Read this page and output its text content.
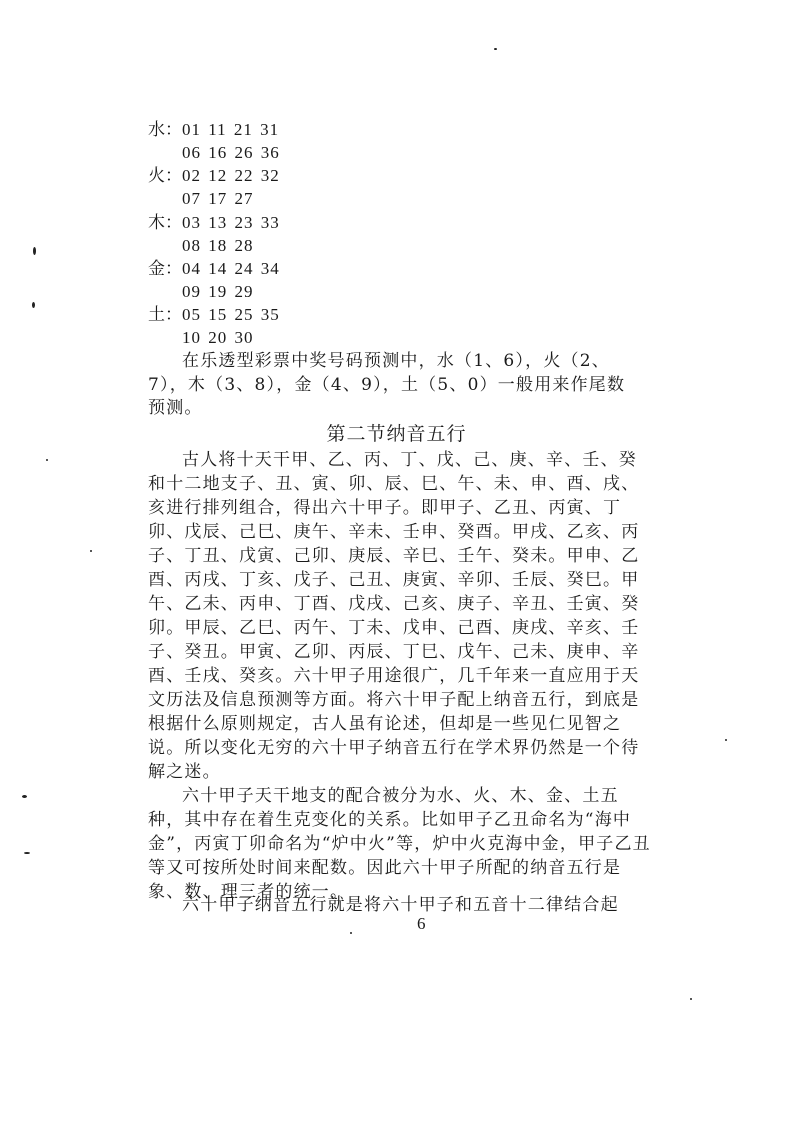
水：01 11 21 31
06 16 26 36
火：02 12 22 32
07 17 27
木：03 13 23 33
08 18 28
金：04 14 24 34
09 19 29
土：05 15 25 35
10 20 30
在乐透型彩票中奖号码预测中，水（1、6），火（2、
7），木（3、8），金（4、9），土（5、0）一般用来作尾数
预测。
第二节纳音五行
古人将十天干甲、乙、丙、丁、戊、己、庚、辛、壬、癸
和十二地支子、丑、寅、卯、辰、巳、午、未、申、酉、戌、
亥进行排列组合，得出六十甲子。即甲子、乙丑、丙寅、丁
卯、戊辰、己巳、庚午、辛未、壬申、癸酉。甲戌、乙亥、丙
子、丁丑、戊寅、己卯、庚辰、辛巳、壬午、癸未。甲申、乙
酉、丙戌、丁亥、戊子、己丑、庚寅、辛卯、壬辰、癸巳。甲
午、乙未、丙申、丁酉、戊戌、己亥、庚子、辛丑、壬寅、癸
卯。甲辰、乙巳、丙午、丁未、戊申、己酉、庚戌、辛亥、壬
子、癸丑。甲寅、乙卯、丙辰、丁巳、戊午、己未、庚申、辛
酉、壬戌、癸亥。六十甲子用途很广，几千年来一直应用于天
文历法及信息预测等方面。将六十甲子配上纳音五行，到底是
根据什么原则规定，古人虽有论述，但却是一些见仁见智之
说。所以变化无穷的六十甲子纳音五行在学术界仍然是一个待
解之迷。
六十甲子天干地支的配合被分为水、火、木、金、土五
种，其中存在着生克变化的关系。比如甲子乙丑命名为“海中
金”，丙寅丁卯命名为“炉中火”等，炉中火克海中金，甲子乙丑
等又可按所处时间来配数。因此六十甲子所配的纳音五行是
象、数、理三者的统一。
六十甲子纳音五行就是将六十甲子和五音十二律结合起
6
